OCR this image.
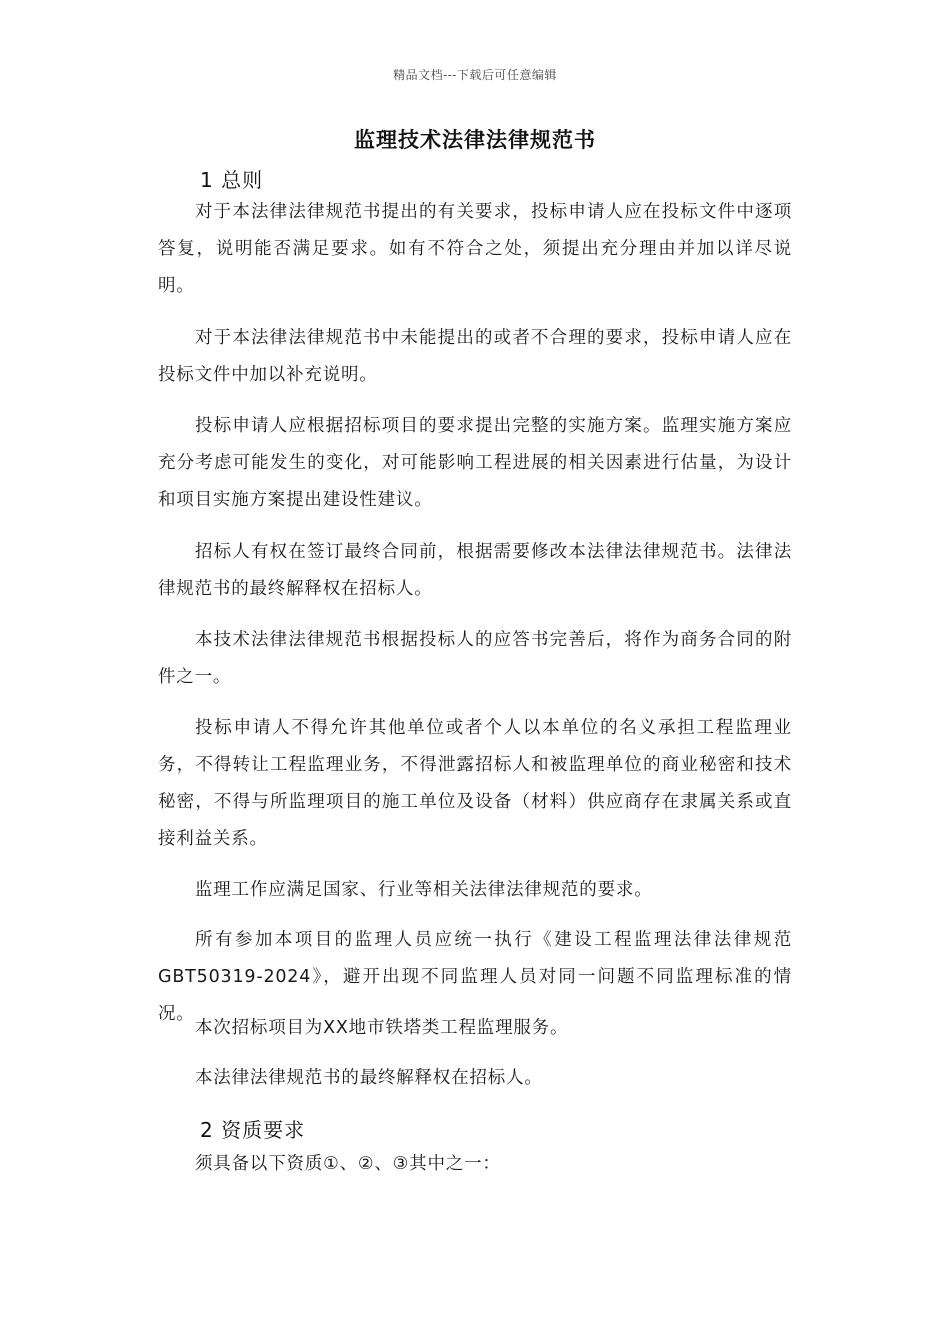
精品文档---下载后可任意编辑
监理技术法律法律规范书
1 总则
对于本法律法律规范书提出的有关要求，投标申请人应在投标文件中逐项答复，说明能否满足要求。如有不符合之处，须提出充分理由并加以详尽说明。
对于本法律法律规范书中未能提出的或者不合理的要求，投标申请人应在投标文件中加以补充说明。
投标申请人应根据招标项目的要求提出完整的实施方案。监理实施方案应充分考虑可能发生的变化，对可能影响工程进展的相关因素进行估量，为设计和项目实施方案提出建设性建议。
招标人有权在签订最终合同前，根据需要修改本法律法律规范书。法律法律规范书的最终解释权在招标人。
本技术法律法律规范书根据投标人的应答书完善后，将作为商务合同的附件之一。
投标申请人不得允许其他单位或者个人以本单位的名义承担工程监理业务，不得转让工程监理业务，不得泄露招标人和被监理单位的商业秘密和技术秘密，不得与所监理项目的施工单位及设备（材料）供应商存在隶属关系或直接利益关系。
监理工作应满足国家、行业等相关法律法律规范的要求。
所有参加本项目的监理人员应统一执行《建设工程监理法律法律规范 GBT50319-2024》，避开出现不同监理人员对同一问题不同监理标准的情况。
本次招标项目为XX地市铁塔类工程监理服务。
本法律法律规范书的最终解释权在招标人。
2 资质要求
须具备以下资质①、②、③其中之一：
